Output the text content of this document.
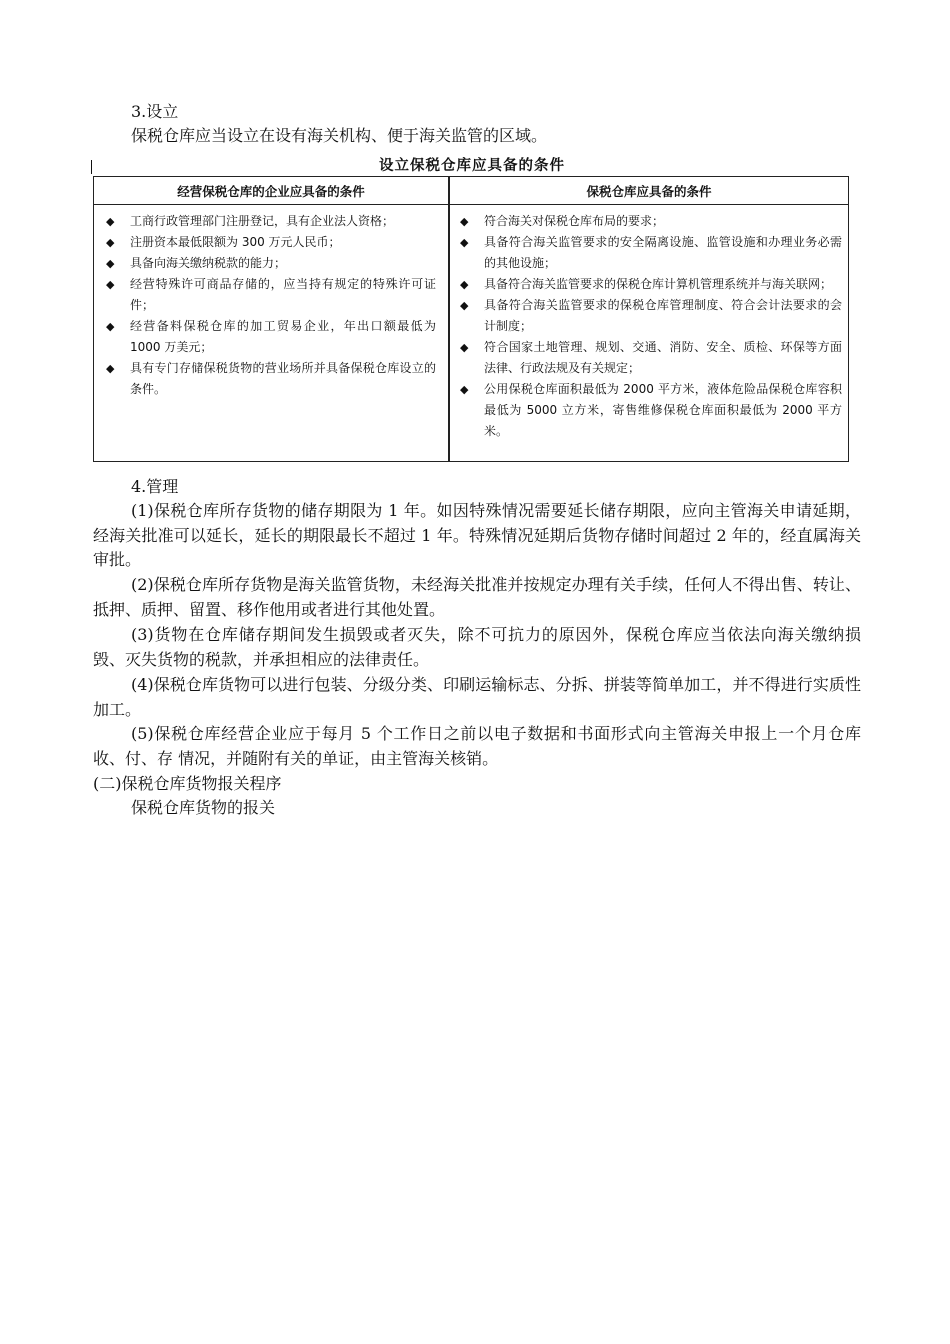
3.设立
保税仓库应当设立在设有海关机构、便于海关监管的区域。
设立保税仓库应具备的条件
经营保税仓库的企业应具备的条件	保税仓库应具备的条件
◆ 工商行政管理部门注册登记，具有企业法人资格；
◆ 注册资本最低限额为 300 万元人民币；
◆ 具备向海关缴纳税款的能力；
◆ 经营特殊许可商品存储的，应当持有规定的特殊许可证件；
◆ 经营备料保税仓库的加工贸易企业，年出口额最低为 1000 万美元；
◆ 具有专门存储保税货物的营业场所并具备保税仓库设立的条件。
◆ 符合海关对保税仓库布局的要求；
◆ 具备符合海关监管要求的安全隔离设施、监管设施和办理业务必需的其他设施；
◆ 具备符合海关监管要求的保税仓库计算机管理系统并与海关联网；
◆ 具备符合海关监管要求的保税仓库管理制度、符合会计法要求的会计制度；
◆ 符合国家土地管理、规划、交通、消防、安全、质检、环保等方面法律、行政法规及有关规定；
◆ 公用保税仓库面积最低为 2000 平方米，液体危险品保税仓库容积最低为 5000 立方米，寄售维修保税仓库面积最低为 2000 平方米。
4.管理
(1)保税仓库所存货物的储存期限为 1 年。如因特殊情况需要延长储存期限，应向主管海关申请延期，经海关批准可以延长，延长的期限最长不超过 1 年。特殊情况延期后货物存储时间超过 2 年的，经直属海关审批。
(2)保税仓库所存货物是海关监管货物，未经海关批准并按规定办理有关手续，任何人不得出售、转让、抵押、质押、留置、移作他用或者进行其他处置。
(3)货物在仓库储存期间发生损毁或者灭失，除不可抗力的原因外，保税仓库应当依法向海关缴纳损　　毁、灭失货物的税款，并承担相应的法律责任。
(4)保税仓库货物可以进行包装、分级分类、印刷运输标志、分拆、拼装等简单加工，并不得进行实质性加工。
(5)保税仓库经营企业应于每月 5 个工作日之前以电子数据和书面形式向主管海关申报上一个月仓库收、付、存 情况，并随附有关的单证，由主管海关核销。
(二)保税仓库货物报关程序
保税仓库货物的报关
